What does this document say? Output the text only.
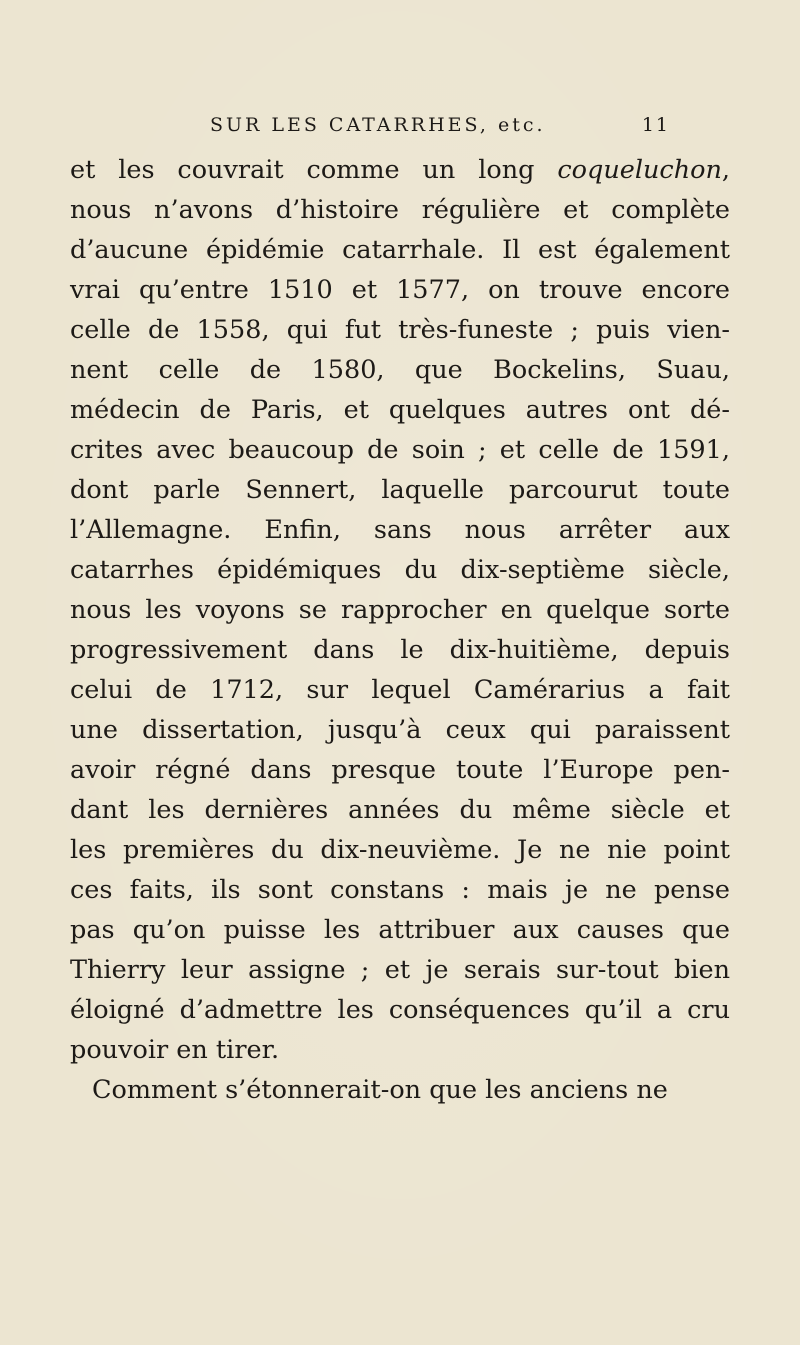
SUR LES CATARRHES, etc.	11
et les couvrait comme un long coqueluchon,
nous n’avons d’histoire régulière et complète
d’aucune épidémie catarrhale. Il est également
vrai qu’entre 1510 et 1577, on trouve encore
celle de 1558, qui fut très-funeste ; puis vien-
nent celle de 1580, que Bockelins, Suau,
médecin de Paris, et quelques autres ont dé-
crites avec beaucoup de soin ; et celle de 1591,
dont parle Sennert, laquelle parcourut toute
l’Allemagne. Enfin, sans nous arrêter aux
catarrhes épidémiques du dix-septième siècle,
nous les voyons se rapprocher en quelque sorte
progressivement dans le dix-huitième, depuis
celui de 1712, sur lequel Camérarius a fait
une dissertation, jusqu’à ceux qui paraissent
avoir régné dans presque toute l’Europe pen-
dant les dernières années du même siècle et
les premières du dix-neuvième. Je ne nie point
ces faits, ils sont constans : mais je ne pense
pas qu’on puisse les attribuer aux causes que
Thierry leur assigne ; et je serais sur-tout bien
éloigné d’admettre les conséquences qu’il a cru
pouvoir en tirer.
Comment s’étonnerait-on que les anciens ne
